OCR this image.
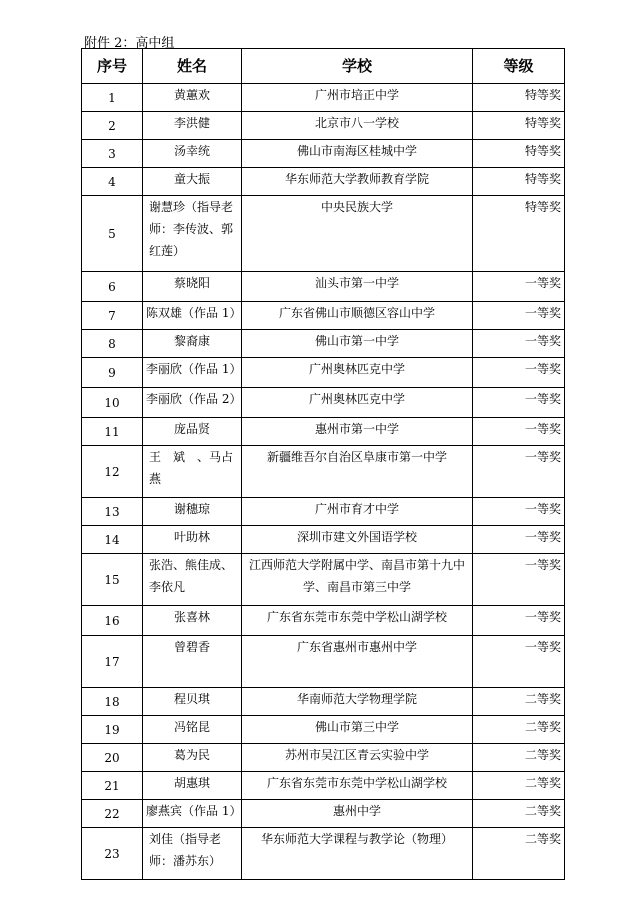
附件 2：高中组
序号	姓名	学校	等级
1	黄蕙欢	广州市培正中学	特等奖
2	李洪健	北京市八一学校	特等奖
3	汤幸统	佛山市南海区桂城中学	特等奖
4	童大振	华东师范大学教师教育学院	特等奖
5	谢慧珍（指导老师：李传波、郭红莲）	中央民族大学	特等奖
6	蔡晓阳	汕头市第一中学	一等奖
7	陈双雄（作品 1）	广东省佛山市顺德区容山中学	一等奖
8	黎裔康	佛山市第一中学	一等奖
9	李丽欣（作品 1）	广州奥林匹克中学	一等奖
10	李丽欣（作品 2）	广州奥林匹克中学	一等奖
11	庞品贤	惠州市第一中学	一等奖
12	王　斌　、马占燕	新疆维吾尔自治区阜康市第一中学	一等奖
13	谢穗琼	广州市育才中学	一等奖
14	叶助林	深圳市建文外国语学校	一等奖
15	张浩、熊佳成、李依凡	江西师范大学附属中学、南昌市第十九中学、南昌市第三中学	一等奖
16	张喜林	广东省东莞市东莞中学松山湖学校	一等奖
17	曾碧香	广东省惠州市惠州中学	一等奖
18	程贝琪	华南师范大学物理学院	二等奖
19	冯铭昆	佛山市第三中学	二等奖
20	葛为民	苏州市吴江区青云实验中学	二等奖
21	胡惠琪	广东省东莞市东莞中学松山湖学校	二等奖
22	廖燕宾（作品 1）	惠州中学	二等奖
23	刘佳（指导老师：潘苏东）	华东师范大学课程与教学论（物理）	二等奖
